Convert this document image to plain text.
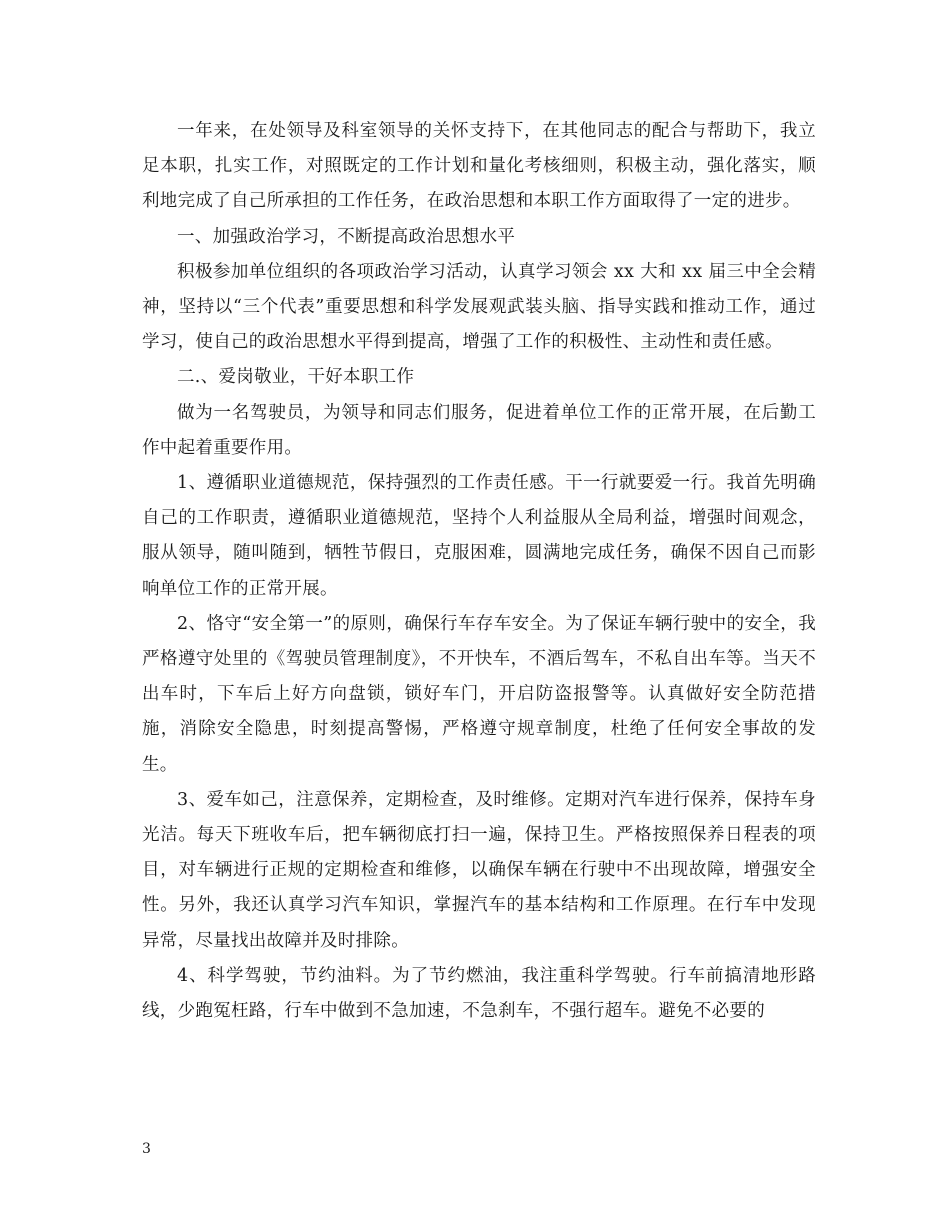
一年来，在处领导及科室领导的关怀支持下，在其他同志的配合与帮助下，我立足本职，扎实工作，对照既定的工作计划和量化考核细则，积极主动，强化落实，顺利地完成了自己所承担的工作任务，在政治思想和本职工作方面取得了一定的进步。

一、加强政治学习，不断提高政治思想水平

积极参加单位组织的各项政治学习活动，认真学习领会 xx 大和 xx 届三中全会精神，坚持以“三个代表”重要思想和科学发展观武装头脑、指导实践和推动工作，通过学习，使自己的政治思想水平得到提高，增强了工作的积极性、主动性和责任感。

二.、爱岗敬业，干好本职工作

做为一名驾驶员，为领导和同志们服务，促进着单位工作的正常开展，在后勤工作中起着重要作用。

1、遵循职业道德规范，保持强烈的工作责任感。干一行就要爱一行。我首先明确自己的工作职责，遵循职业道德规范，坚持个人利益服从全局利益，增强时间观念，服从领导，随叫随到，牺牲节假日，克服困难，圆满地完成任务，确保不因自己而影响单位工作的正常开展。

2、恪守“安全第一”的原则，确保行车存车安全。为了保证车辆行驶中的安全，我严格遵守处里的《驾驶员管理制度》，不开快车，不酒后驾车，不私自出车等。当天不出车时，下车后上好方向盘锁，锁好车门，开启防盗报警等。认真做好安全防范措施，消除安全隐患，时刻提高警惕，严格遵守规章制度，杜绝了任何安全事故的发生。

3、爱车如己，注意保养，定期检查，及时维修。定期对汽车进行保养，保持车身光洁。每天下班收车后，把车辆彻底打扫一遍，保持卫生。严格按照保养日程表的项目，对车辆进行正规的定期检查和维修，以确保车辆在行驶中不出现故障，增强安全性。另外，我还认真学习汽车知识，掌握汽车的基本结构和工作原理。在行车中发现异常，尽量找出故障并及时排除。

4、科学驾驶，节约油料。为了节约燃油，我注重科学驾驶。行车前搞清地形路线，少跑冤枉路，行车中做到不急加速，不急刹车，不强行超车。避免不必要的

3
